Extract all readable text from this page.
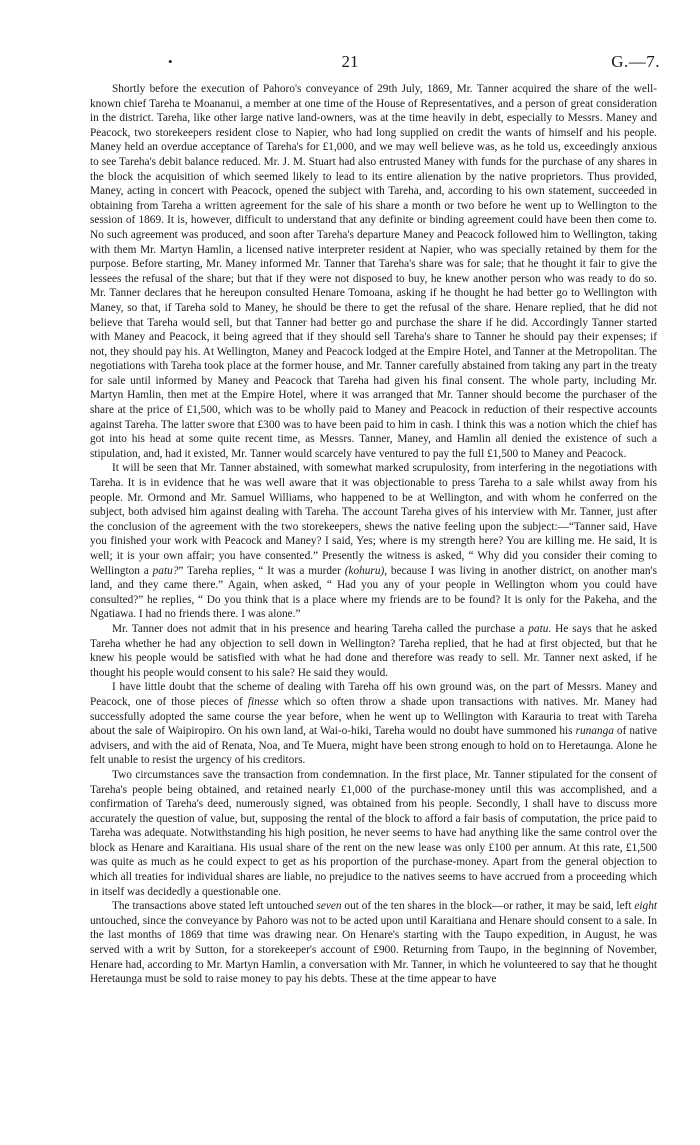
•	21	G.—7.

Shortly before the execution of Pahoro's conveyance of 29th July, 1869, Mr. Tanner acquired the share of the well-known chief Tareha te Moananui, a member at one time of the House of Representatives, and a person of great consideration in the district. Tareha, like other large native land-owners, was at the time heavily in debt, especially to Messrs. Maney and Peacock, two storekeepers resident close to Napier, who had long supplied on credit the wants of himself and his people. Maney held an overdue acceptance of Tareha's for £1,000, and we may well believe was, as he told us, exceedingly anxious to see Tareha's debit balance reduced. Mr. J. M. Stuart had also entrusted Maney with funds for the purchase of any shares in the block the acquisition of which seemed likely to lead to its entire alienation by the native proprietors. Thus provided, Maney, acting in concert with Peacock, opened the subject with Tareha, and, according to his own statement, succeeded in obtaining from Tareha a written agreement for the sale of his share a month or two before he went up to Wellington to the session of 1869. It is, however, difficult to understand that any definite or binding agreement could have been then come to. No such agreement was produced, and soon after Tareha's departure Maney and Peacock followed him to Wellington, taking with them Mr. Martyn Hamlin, a licensed native interpreter resident at Napier, who was specially retained by them for the purpose. Before starting, Mr. Maney informed Mr. Tanner that Tareha's share was for sale; that he thought it fair to give the lessees the refusal of the share; but that if they were not disposed to buy, he knew another person who was ready to do so. Mr. Tanner declares that he hereupon consulted Henare Tomoana, asking if he thought he had better go to Wellington with Maney, so that, if Tareha sold to Maney, he should be there to get the refusal of the share. Henare replied, that he did not believe that Tareha would sell, but that Tanner had better go and purchase the share if he did. Accordingly Tanner started with Maney and Peacock, it being agreed that if they should sell Tareha's share to Tanner he should pay their expenses; if not, they should pay his. At Wellington, Maney and Peacock lodged at the Empire Hotel, and Tanner at the Metropolitan. The negotiations with Tareha took place at the former house, and Mr. Tanner carefully abstained from taking any part in the treaty for sale until informed by Maney and Peacock that Tareha had given his final consent. The whole party, including Mr. Martyn Hamlin, then met at the Empire Hotel, where it was arranged that Mr. Tanner should become the purchaser of the share at the price of £1,500, which was to be wholly paid to Maney and Peacock in reduction of their respective accounts against Tareha. The latter swore that £300 was to have been paid to him in cash. I think this was a notion which the chief has got into his head at some quite recent time, as Messrs. Tanner, Maney, and Hamlin all denied the existence of such a stipulation, and, had it existed, Mr. Tanner would scarcely have ventured to pay the full £1,500 to Maney and Peacock.

It will be seen that Mr. Tanner abstained, with somewhat marked scrupulosity, from interfering in the negotiations with Tareha. It is in evidence that he was well aware that it was objectionable to press Tareha to a sale whilst away from his people. Mr. Ormond and Mr. Samuel Williams, who happened to be at Wellington, and with whom he conferred on the subject, both advised him against dealing with Tareha. The account Tareha gives of his interview with Mr. Tanner, just after the conclusion of the agreement with the two storekeepers, shews the native feeling upon the subject:—“Tanner said, Have you finished your work with Peacock and Maney? I said, Yes; where is my strength here? You are killing me. He said, It is well; it is your own affair; you have consented.” Presently the witness is asked, “ Why did you consider their coming to Wellington a patu?” Tareha replies, “ It was a murder (kohuru), because I was living in another district, on another man's land, and they came there.” Again, when asked, “ Had you any of your people in Wellington whom you could have consulted?” he replies, “ Do you think that is a place where my friends are to be found? It is only for the Pakeha, and the Ngatiawa. I had no friends there. I was alone.”

Mr. Tanner does not admit that in his presence and hearing Tareha called the purchase a patu. He says that he asked Tareha whether he had any objection to sell down in Wellington? Tareha replied, that he had at first objected, but that he knew his people would be satisfied with what he had done and therefore was ready to sell. Mr. Tanner next asked, if he thought his people would consent to his sale? He said they would.

I have little doubt that the scheme of dealing with Tareha off his own ground was, on the part of Messrs. Maney and Peacock, one of those pieces of finesse which so often throw a shade upon transactions with natives. Mr. Maney had successfully adopted the same course the year before, when he went up to Wellington with Karauria to treat with Tareha about the sale of Waipiropiro. On his own land, at Wai-o-hiki, Tareha would no doubt have summoned his runanga of native advisers, and with the aid of Renata, Noa, and Te Muera, might have been strong enough to hold on to Heretaunga. Alone he felt unable to resist the urgency of his creditors.

Two circumstances save the transaction from condemnation. In the first place, Mr. Tanner stipulated for the consent of Tareha's people being obtained, and retained nearly £1,000 of the purchase-money until this was accomplished, and a confirmation of Tareha's deed, numerously signed, was obtained from his people. Secondly, I shall have to discuss more accurately the question of value, but, supposing the rental of the block to afford a fair basis of computation, the price paid to Tareha was adequate. Notwithstanding his high position, he never seems to have had anything like the same control over the block as Henare and Karaitiana. His usual share of the rent on the new lease was only £100 per annum. At this rate, £1,500 was quite as much as he could expect to get as his proportion of the purchase-money. Apart from the general objection to which all treaties for individual shares are liable, no prejudice to the natives seems to have accrued from a proceeding which in itself was decidedly a questionable one.

The transactions above stated left untouched seven out of the ten shares in the block—or rather, it may be said, left eight untouched, since the conveyance by Pahoro was not to be acted upon until Karaitiana and Henare should consent to a sale. In the last months of 1869 that time was drawing near. On Henare's starting with the Taupo expedition, in August, he was served with a writ by Sutton, for a storekeeper's account of £900. Returning from Taupo, in the beginning of November, Henare had, according to Mr. Martyn Hamlin, a conversation with Mr. Tanner, in which he volunteered to say that he thought Heretaunga must be sold to raise money to pay his debts. These at the time appear to have
